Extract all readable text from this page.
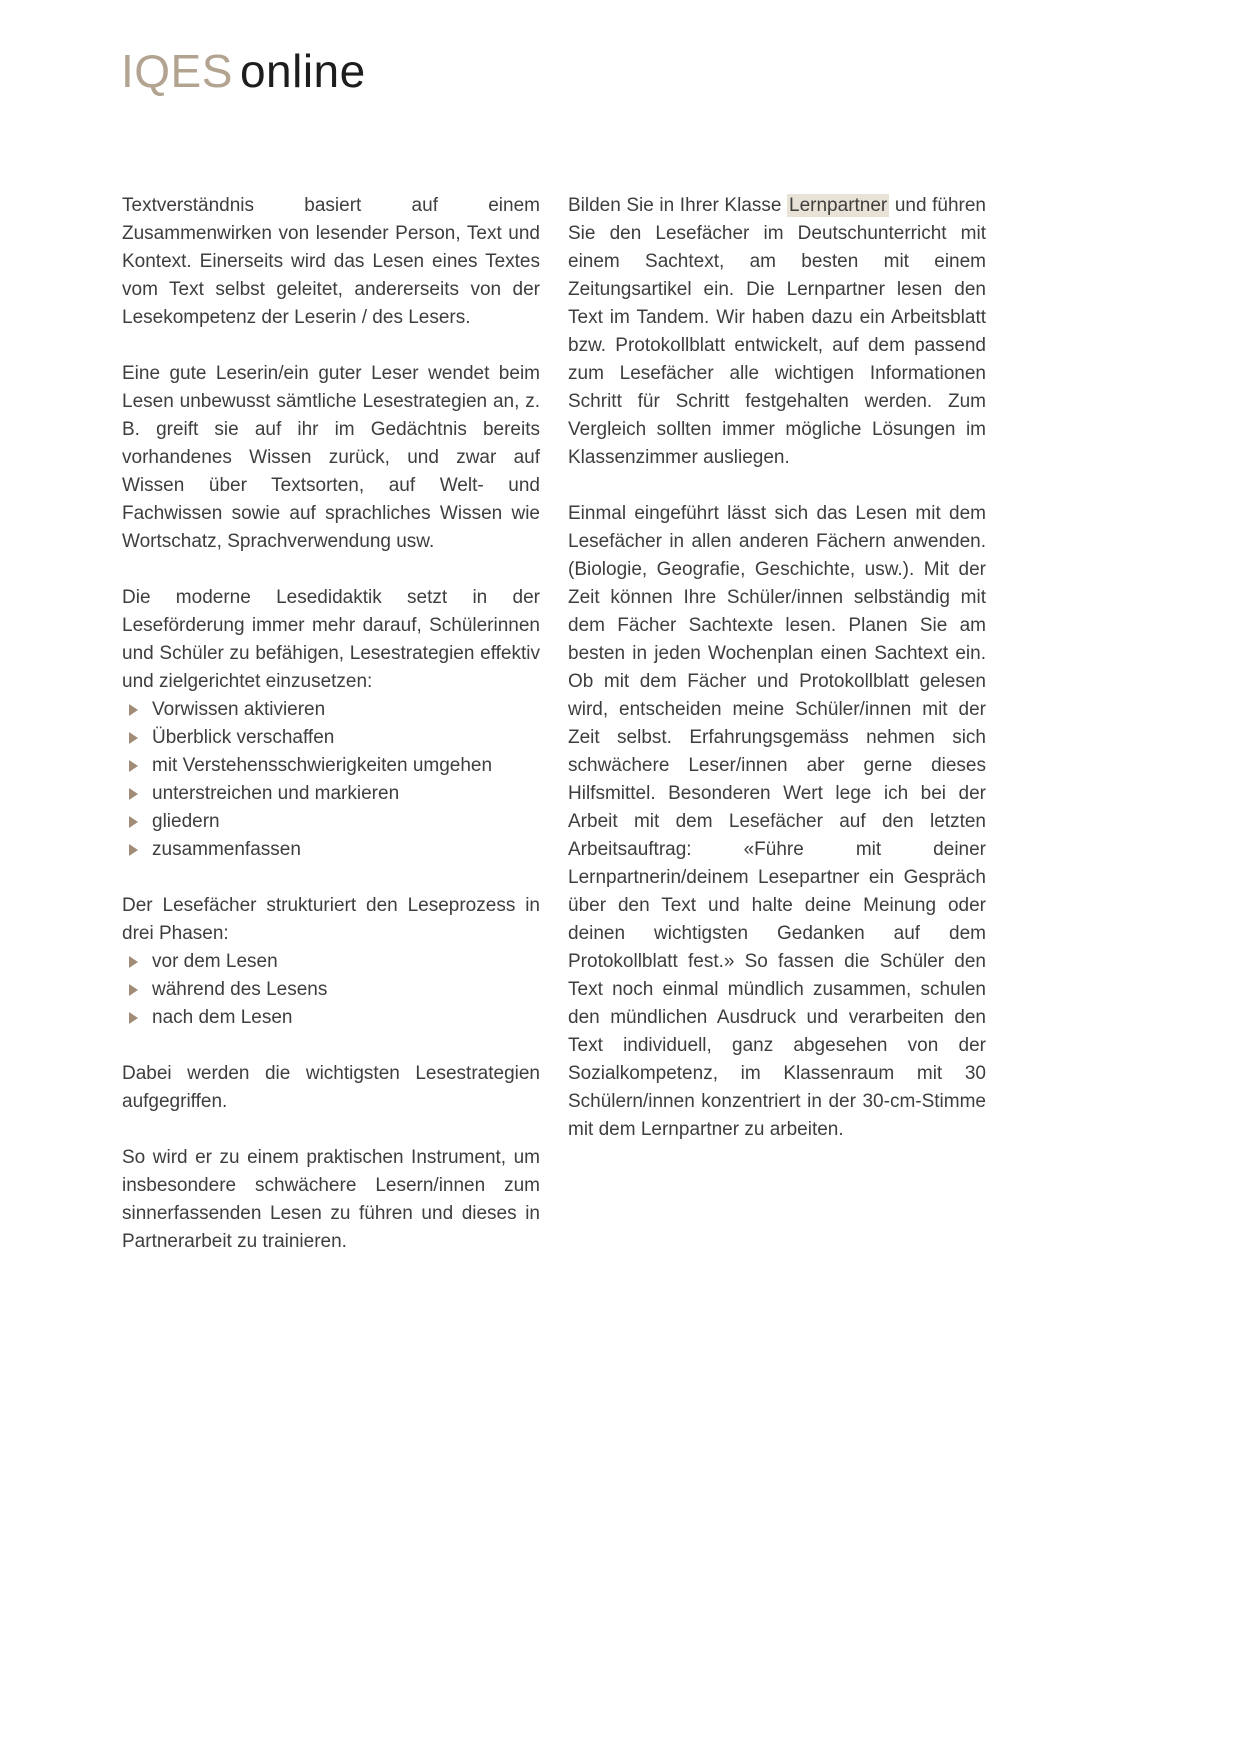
IQES online

Textverständnis basiert auf einem Zusammenwirken von lesender Person, Text und Kontext. Einerseits wird das Lesen eines Textes vom Text selbst geleitet, andererseits von der Lesekompetenz der Leserin / des Lesers.

Eine gute Leserin/ein guter Leser wendet beim Lesen unbewusst sämtliche Lesestrategien an, z. B. greift sie auf ihr im Gedächtnis bereits vorhandenes Wissen zurück, und zwar auf Wissen über Textsorten, auf Welt- und Fachwissen sowie auf sprachliches Wissen wie Wortschatz, Sprachverwendung usw.

Die moderne Lesedidaktik setzt in der Leseförderung immer mehr darauf, Schülerinnen und Schüler zu befähigen, Lesestrategien effektiv und zielgerichtet einzusetzen:

Vorwissen aktivieren
Überblick verschaffen
mit Verstehensschwierigkeiten umgehen
unterstreichen und markieren
gliedern
zusammenfassen

Der Lesefächer strukturiert den Leseprozess in drei Phasen:

vor dem Lesen
während des Lesens
nach dem Lesen

Dabei werden die wichtigsten Lesestrategien aufgegriffen.

So wird er zu einem praktischen Instrument, um insbesondere schwächere Lesern/innen zum sinnerfassenden Lesen zu führen und dieses in Partnerarbeit zu trainieren.

Bilden Sie in Ihrer Klasse Lernpartner und führen Sie den Lesefächer im Deutschunterricht mit einem Sachtext, am besten mit einem Zeitungsartikel ein. Die Lernpartner lesen den Text im Tandem. Wir haben dazu ein Arbeitsblatt bzw. Protokollblatt entwickelt, auf dem passend zum Lesefächer alle wichtigen Informationen Schritt für Schritt festgehalten werden. Zum Vergleich sollten immer mögliche Lösungen im Klassenzimmer ausliegen.

Einmal eingeführt lässt sich das Lesen mit dem Lesefächer in allen anderen Fächern anwenden. (Biologie, Geografie, Geschichte, usw.). Mit der Zeit können Ihre Schüler/innen selbständig mit dem Fächer Sachtexte lesen. Planen Sie am besten in jeden Wochenplan einen Sachtext ein. Ob mit dem Fächer und Protokollblatt gelesen wird, entscheiden meine Schüler/innen mit der Zeit selbst. Erfahrungsgemäss nehmen sich schwächere Leser/innen aber gerne dieses Hilfsmittel. Besonderen Wert lege ich bei der Arbeit mit dem Lesefächer auf den letzten Arbeitsauftrag: «Führe mit deiner Lernpartnerin/deinem Lesepartner ein Gespräch über den Text und halte deine Meinung oder deinen wichtigsten Gedanken auf dem Protokollblatt fest.» So fassen die Schüler den Text noch einmal mündlich zusammen, schulen den mündlichen Ausdruck und verarbeiten den Text individuell, ganz abgesehen von der Sozialkompetenz, im Klassenraum mit 30 Schülern/innen konzentriert in der 30-cm-Stimme mit dem Lernpartner zu arbeiten.
